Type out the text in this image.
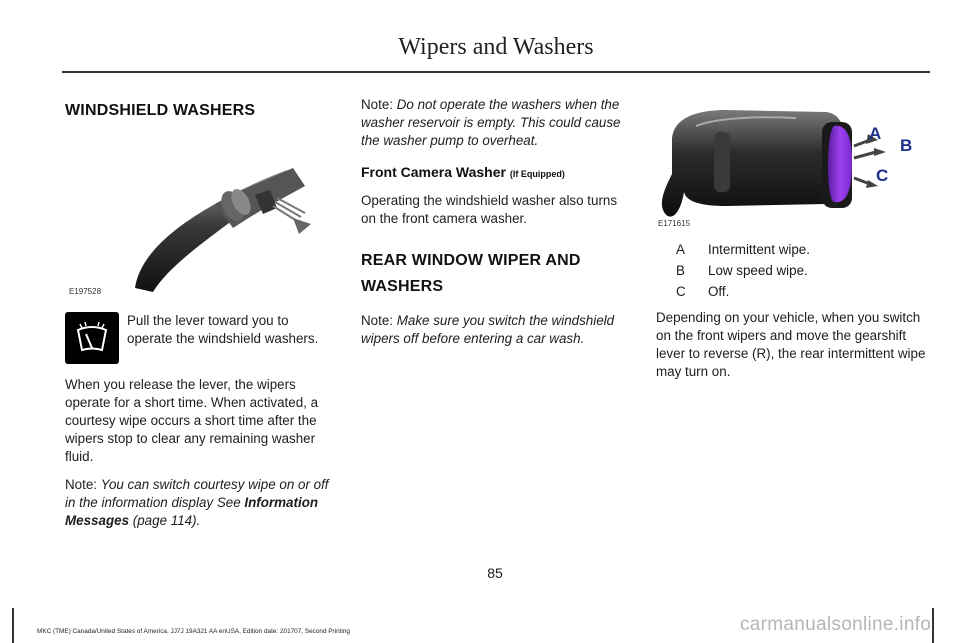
Wipers and Washers
WINDSHIELD WASHERS
E197528

Pull the lever toward you to operate the windshield washers.

When you release the lever, the wipers operate for a short time. When activated, a courtesy wipe occurs a short time after the wipers stop to clear any remaining washer fluid.

Note: You can switch courtesy wipe on or off in the information display See Information Messages (page 114).

Note: Do not operate the washers when the washer reservoir is empty. This could cause the washer pump to overheat.

Front Camera Washer (If Equipped)

Operating the windshield washer also turns on the front camera washer.

REAR WINDOW WIPER AND
WASHERS

Note: Make sure you switch the windshield wipers off before entering a car wash.

A
B
C
E171615
A	Intermittent wipe.
B	Low speed wipe.
C	Off.

Depending on your vehicle, when you switch on the front wipers and move the gearshift lever to reverse (R), the rear intermittent wipe may turn on.

85
MKC (TME) Canada/United States of America, JJ7J 19A321 AA enUSA, Edition date: 201707, Second Printing	carmanualsonline.info
